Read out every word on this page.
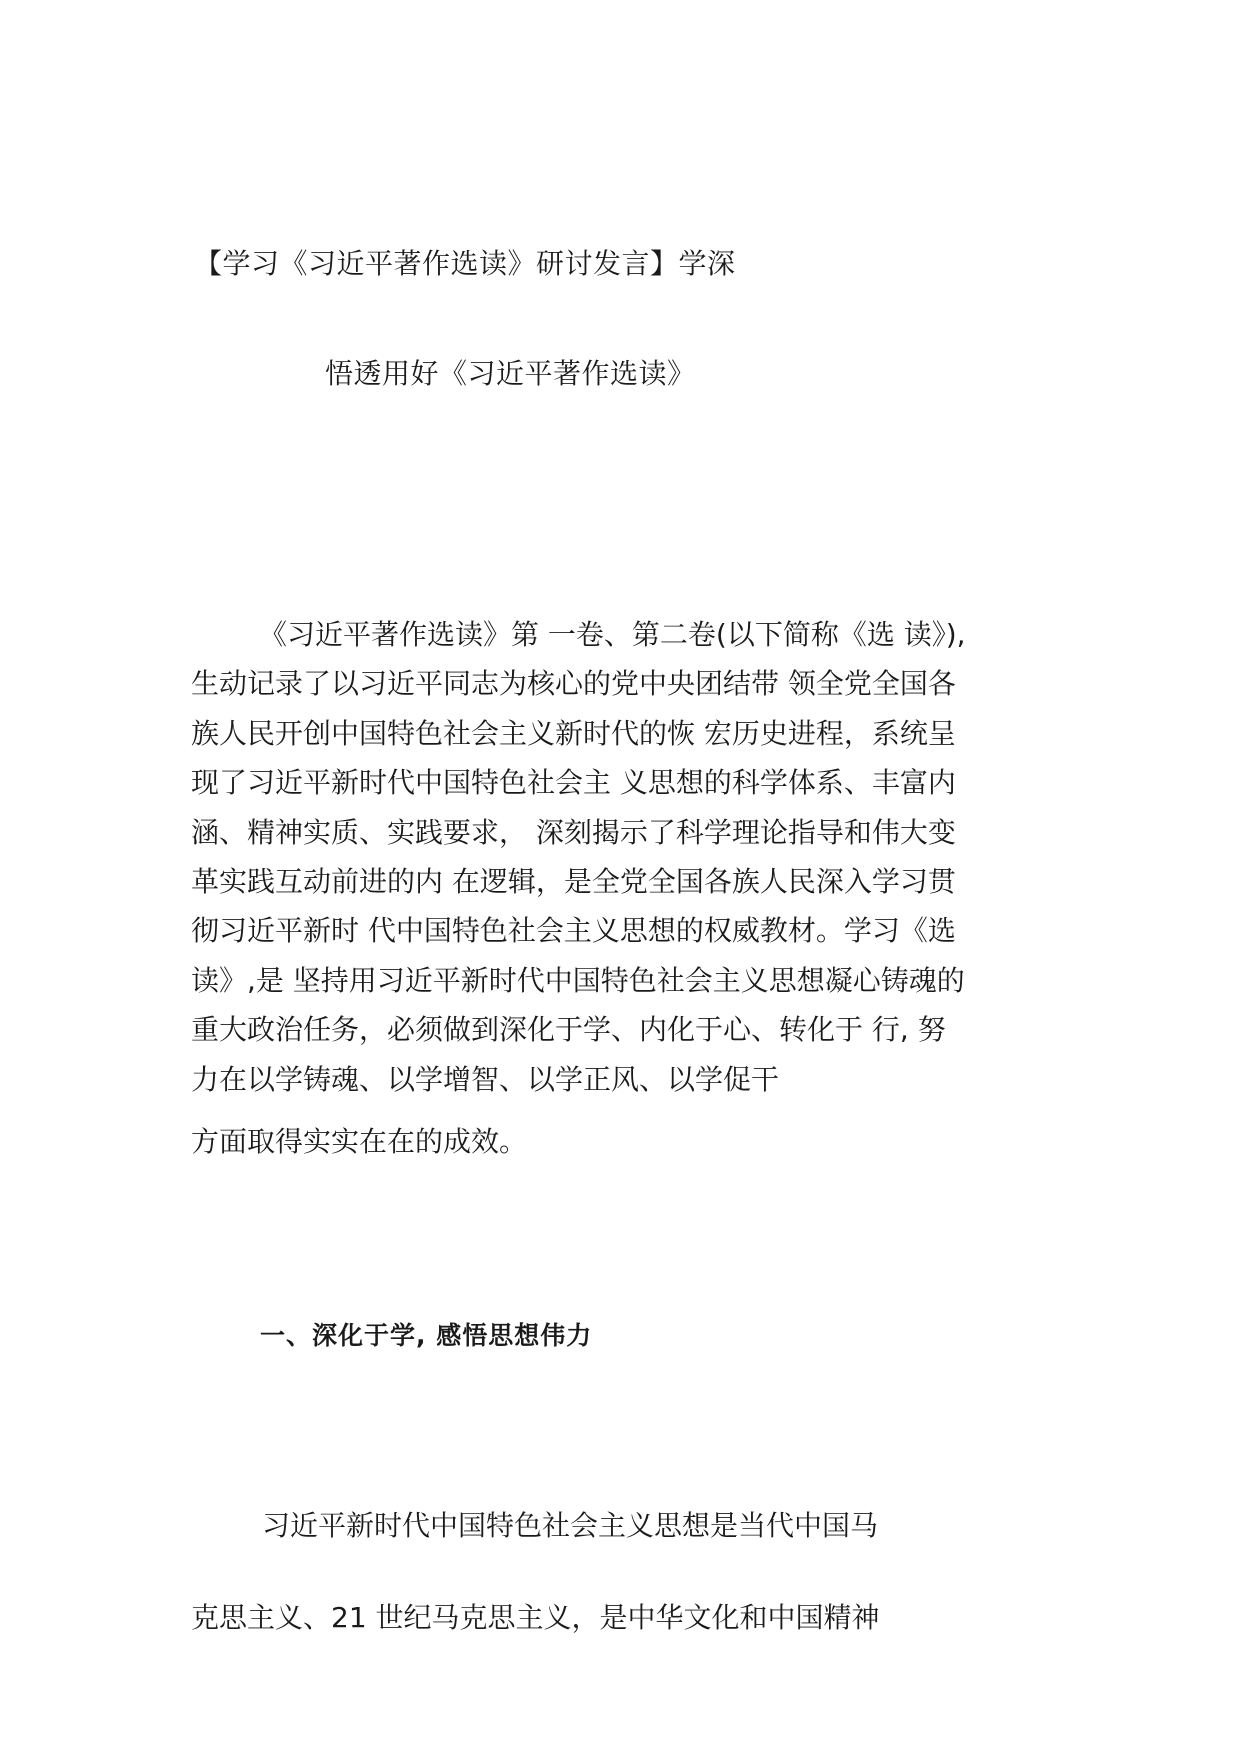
【学习《习近平著作选读》研讨发言】学深
悟透用好《习近平著作选读》
《习近平著作选读》第 一卷、第二卷(以下简称《选 读》),
生动记录了以习近平同志为核心的党中央团结带 领全党全国各
族人民开创中国特色社会主义新时代的恢 宏历史进程，系统呈
现了习近平新时代中国特色社会主 义思想的科学体系、丰富内
涵、精神实质、实践要求， 深刻揭示了科学理论指导和伟大变
革实践互动前进的内 在逻辑，是全党全国各族人民深入学习贯
彻习近平新时 代中国特色社会主义思想的权威教材。学习《选
读》,是 坚持用习近平新时代中国特色社会主义思想凝心铸魂的
重大政治任务，必须做到深化于学、内化于心、转化于 行, 努
力在以学铸魂、以学增智、以学正风、以学促干
方面取得实实在在的成效。
一、深化于学, 感悟思想伟力
习近平新时代中国特色社会主义思想是当代中国马
克思主义、21 世纪马克思主义，是中华文化和中国精神
